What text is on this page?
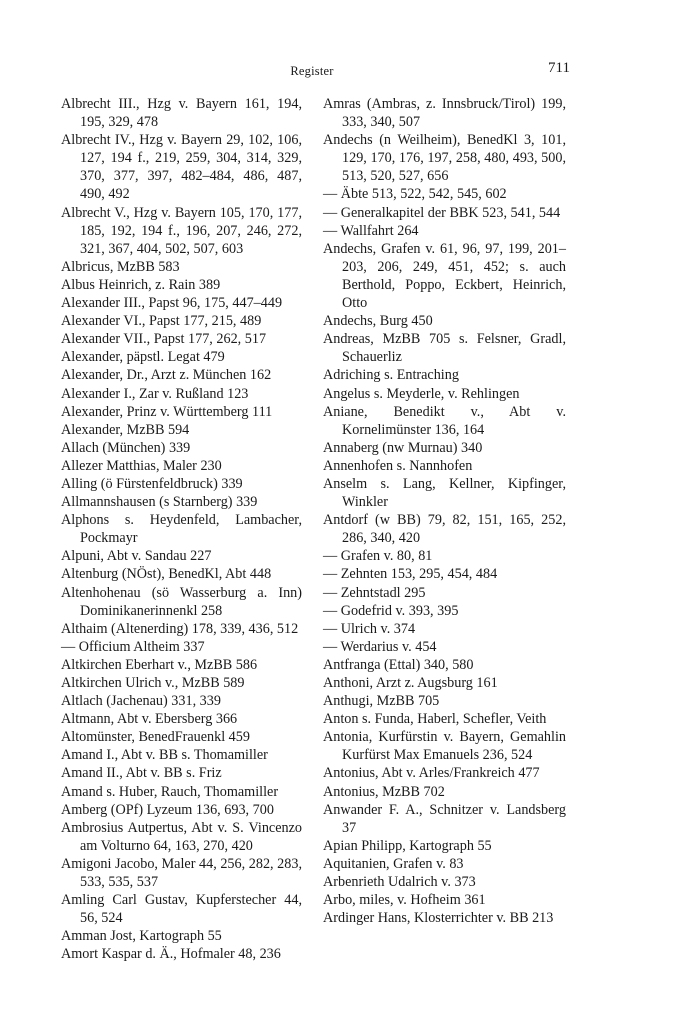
Register	711

Albrecht III., Hzg v. Bayern 161, 194, 195, 329, 478

Albrecht IV., Hzg v. Bayern 29, 102, 106, 127, 194 f., 219, 259, 304, 314, 329, 370, 377, 397, 482–484, 486, 487, 490, 492

Albrecht V., Hzg v. Bayern 105, 170, 177, 185, 192, 194 f., 196, 207, 246, 272, 321, 367, 404, 502, 507, 603

Albricus, MzBB 583

Albus Heinrich, z. Rain 389

Alexander III., Papst 96, 175, 447–449

Alexander VI., Papst 177, 215, 489

Alexander VII., Papst 177, 262, 517

Alexander, päpstl. Legat 479

Alexander, Dr., Arzt z. München 162

Alexander I., Zar v. Rußland 123

Alexander, Prinz v. Württemberg 111

Alexander, MzBB 594

Allach (München) 339

Allezer Matthias, Maler 230

Alling (ö Fürstenfeldbruck) 339

Allmannshausen (s Starnberg) 339

Alphons s. Heydenfeld, Lambacher, Pockmayr

Alpuni, Abt v. Sandau 227

Altenburg (NÖst), BenedKl, Abt 448

Altenhohenau (sö Wasserburg a. Inn) Dominikanerinnenkl 258

Althaim (Altenerding) 178, 339, 436, 512

— Officium Altheim 337

Altkirchen Eberhart v., MzBB 586

Altkirchen Ulrich v., MzBB 589

Altlach (Jachenau) 331, 339

Altmann, Abt v. Ebersberg 366

Altomünster, BenedFrauenkl 459

Amand I., Abt v. BB s. Thomamiller

Amand II., Abt v. BB s. Friz

Amand s. Huber, Rauch, Thomamiller

Amberg (OPf) Lyzeum 136, 693, 700

Ambrosius Autpertus, Abt v. S. Vincenzo am Volturno 64, 163, 270, 420

Amigoni Jacobo, Maler 44, 256, 282, 283, 533, 535, 537

Amling Carl Gustav, Kupferstecher 44, 56, 524

Amman Jost, Kartograph 55

Amort Kaspar d. Ä., Hofmaler 48, 236

Amras (Ambras, z. Innsbruck/Tirol) 199, 333, 340, 507

Andechs (n Weilheim), BenedKl 3, 101, 129, 170, 176, 197, 258, 480, 493, 500, 513, 520, 527, 656

— Äbte 513, 522, 542, 545, 602

— Generalkapitel der BBK 523, 541, 544

— Wallfahrt 264

Andechs, Grafen v. 61, 96, 97, 199, 201–203, 206, 249, 451, 452; s. auch Berthold, Poppo, Eckbert, Heinrich, Otto

Andechs, Burg 450

Andreas, MzBB 705 s. Felsner, Gradl, Schauerliz

Adriching s. Entraching

Angelus s. Meyderle, v. Rehlingen

Aniane, Benedikt v., Abt v. Kornelimünster 136, 164

Annaberg (nw Murnau) 340

Annenhofen s. Nannhofen

Anselm s. Lang, Kellner, Kipfinger, Winkler

Antdorf (w BB) 79, 82, 151, 165, 252, 286, 340, 420

— Grafen v. 80, 81

— Zehnten 153, 295, 454, 484

— Zehntstadl 295

— Godefrid v. 393, 395

— Ulrich v. 374

— Werdarius v. 454

Antfranga (Ettal) 340, 580

Anthoni, Arzt z. Augsburg 161

Anthugi, MzBB 705

Anton s. Funda, Haberl, Schefler, Veith

Antonia, Kurfürstin v. Bayern, Gemahlin Kurfürst Max Emanuels 236, 524

Antonius, Abt v. Arles/Frankreich 477

Antonius, MzBB 702

Anwander F. A., Schnitzer v. Landsberg 37

Apian Philipp, Kartograph 55

Aquitanien, Grafen v. 83

Arbenrieth Udalrich v. 373

Arbo, miles, v. Hofheim 361

Ardinger Hans, Klosterrichter v. BB 213
